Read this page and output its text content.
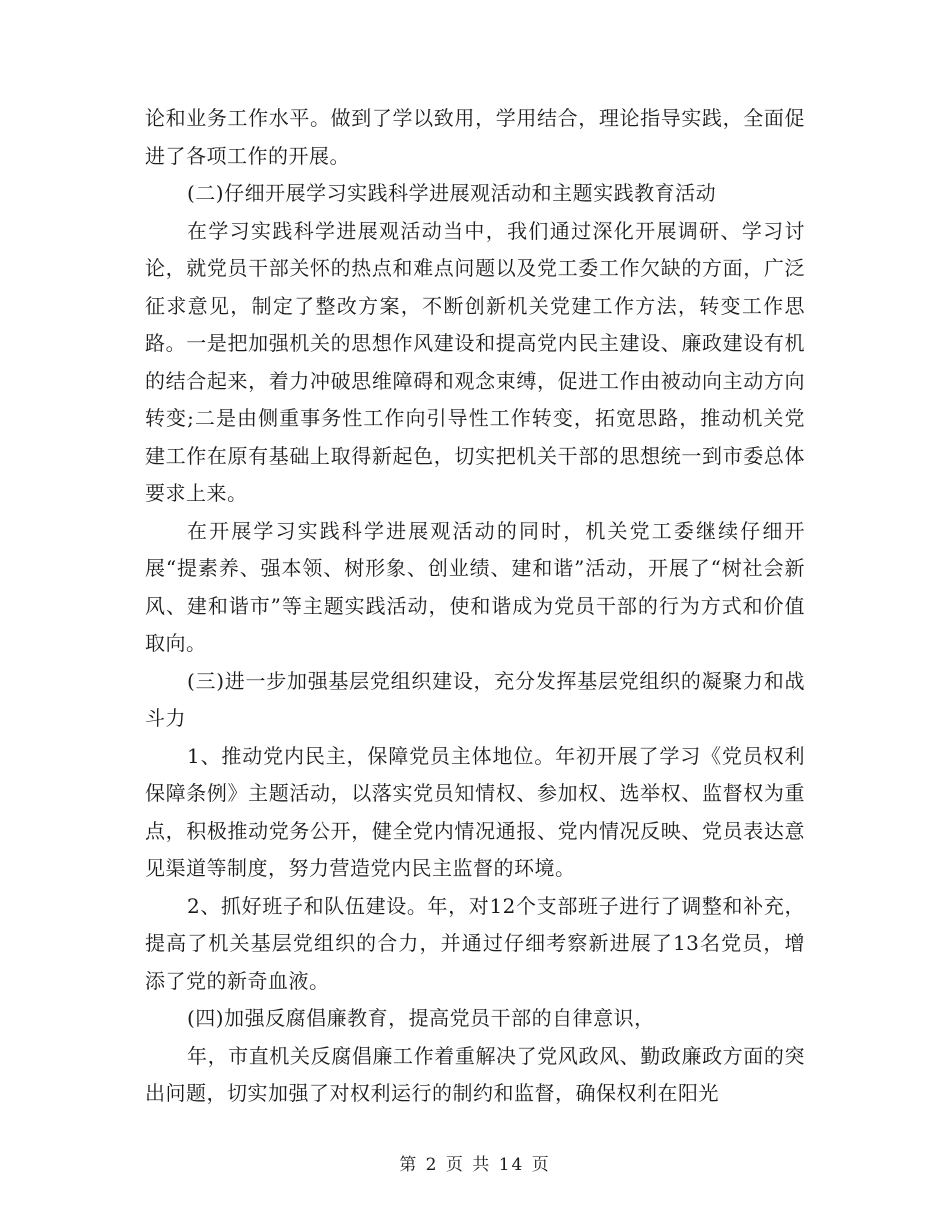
论和业务工作水平。做到了学以致用，学用结合，理论指导实践，全面促进了各项工作的开展。

(二)仔细开展学习实践科学进展观活动和主题实践教育活动

在学习实践科学进展观活动当中，我们通过深化开展调研、学习讨论，就党员干部关怀的热点和难点问题以及党工委工作欠缺的方面，广泛征求意见，制定了整改方案，不断创新机关党建工作方法，转变工作思路。一是把加强机关的思想作风建设和提高党内民主建设、廉政建设有机的结合起来，着力冲破思维障碍和观念束缚，促进工作由被动向主动方向转变;二是由侧重事务性工作向引导性工作转变，拓宽思路，推动机关党建工作在原有基础上取得新起色，切实把机关干部的思想统一到市委总体要求上来。

在开展学习实践科学进展观活动的同时，机关党工委继续仔细开展“提素养、强本领、树形象、创业绩、建和谐”活动，开展了“树社会新风、建和谐市”等主题实践活动，使和谐成为党员干部的行为方式和价值取向。

(三)进一步加强基层党组织建设，充分发挥基层党组织的凝聚力和战斗力

1、推动党内民主，保障党员主体地位。年初开展了学习《党员权利保障条例》主题活动，以落实党员知情权、参加权、选举权、监督权为重点，积极推动党务公开，健全党内情况通报、党内情况反映、党员表达意见渠道等制度，努力营造党内民主监督的环境。

2、抓好班子和队伍建设。年，对12个支部班子进行了调整和补充，提高了机关基层党组织的合力，并通过仔细考察新进展了13名党员，增添了党的新奇血液。

(四)加强反腐倡廉教育，提高党员干部的自律意识，

年，市直机关反腐倡廉工作着重解决了党风政风、勤政廉政方面的突出问题，切实加强了对权利运行的制约和监督，确保权利在阳光

第 2 页 共 14 页
